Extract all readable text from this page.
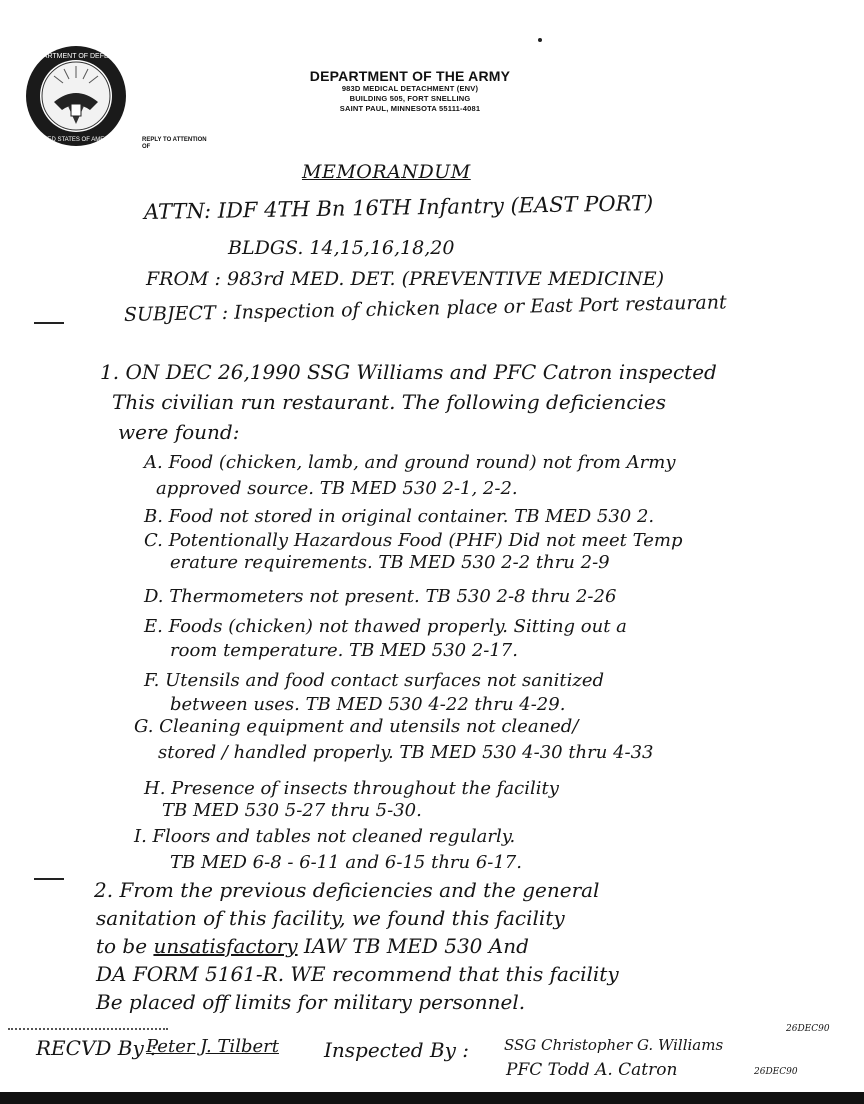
DEPARTMENT OF DEFENSE
UNITED STATES OF AMERICA
DEPARTMENT OF THE ARMY
983D MEDICAL DETACHMENT (ENV)
BUILDING 505, FORT SNELLING
SAINT PAUL, MINNESOTA 55111-4081
REPLY TO ATTENTION OF
MEMORANDUM
ATTN: IDF 4TH Bn 16TH Infantry (EAST PORT)
BLDGS. 14,15,16,18,20
FROM : 983rd MED. DET. (PREVENTIVE MEDICINE)
SUBJECT : Inspection of chicken place or East Port restaurant
1. ON DEC 26,1990 SSG Williams and PFC Catron inspected
This civilian run restaurant. The following deficiencies
were found:
A. Food (chicken, lamb, and ground round) not from Army
approved source. TB MED 530 2-1, 2-2.
B. Food not stored in original container. TB MED 530 2.
C. Potentionally Hazardous Food (PHF) Did not meet Temp
erature requirements. TB MED 530 2-2 thru 2-9
D. Thermometers not present. TB 530 2-8 thru 2-26
E. Foods (chicken) not thawed properly. Sitting out a
room temperature. TB MED 530 2-17.
F. Utensils and food contact surfaces not sanitized
between uses. TB MED 530 4-22 thru 4-29.
G. Cleaning equipment and utensils not cleaned/
stored / handled properly. TB MED 530 4-30 thru 4-33
H. Presence of insects throughout the facility
TB MED 530 5-27 thru 5-30.
I. Floors and tables not cleaned regularly.
TB MED 6-8 - 6-11 and 6-15 thru 6-17.
2. From the previous deficiencies and the general
sanitation of this facility, we found this facility
to be unsatisfactory IAW TB MED 530 And
DA FORM 5161-R. WE recommend that this facility
Be placed off limits for military personnel.
RECVD By :
Peter J. Tilbert Inspected By : SSG Christopher G. Williams
PFC Todd A. Catron
26DEC90
26DEC90
